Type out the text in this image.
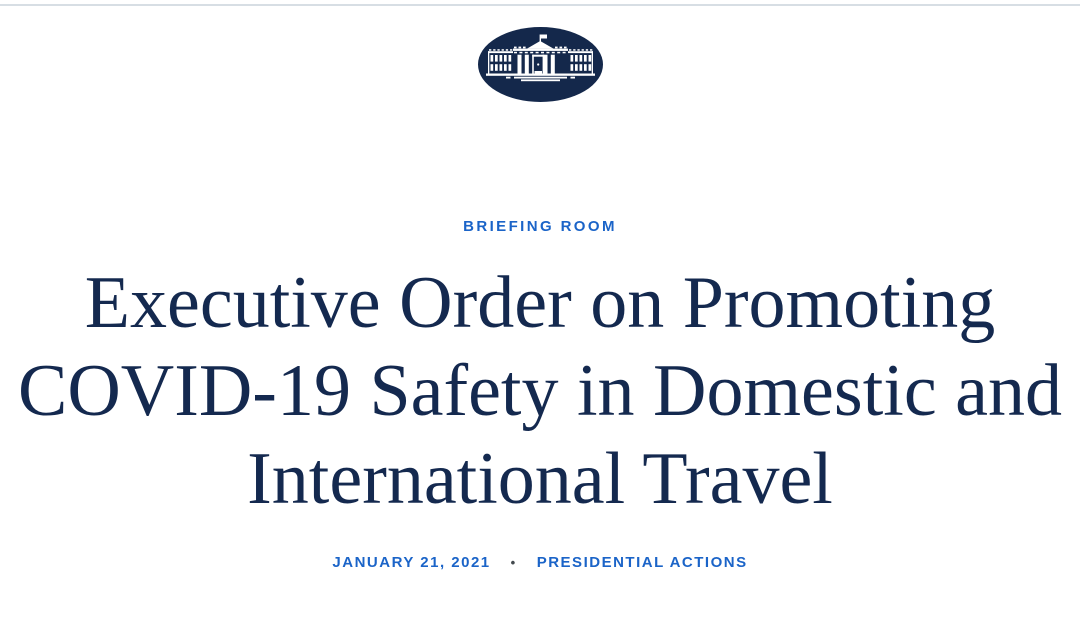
BRIEFING ROOM
Executive Order on Promoting COVID-19 Safety in Domestic and International Travel
JANUARY 21, 2021 • PRESIDENTIAL ACTIONS
